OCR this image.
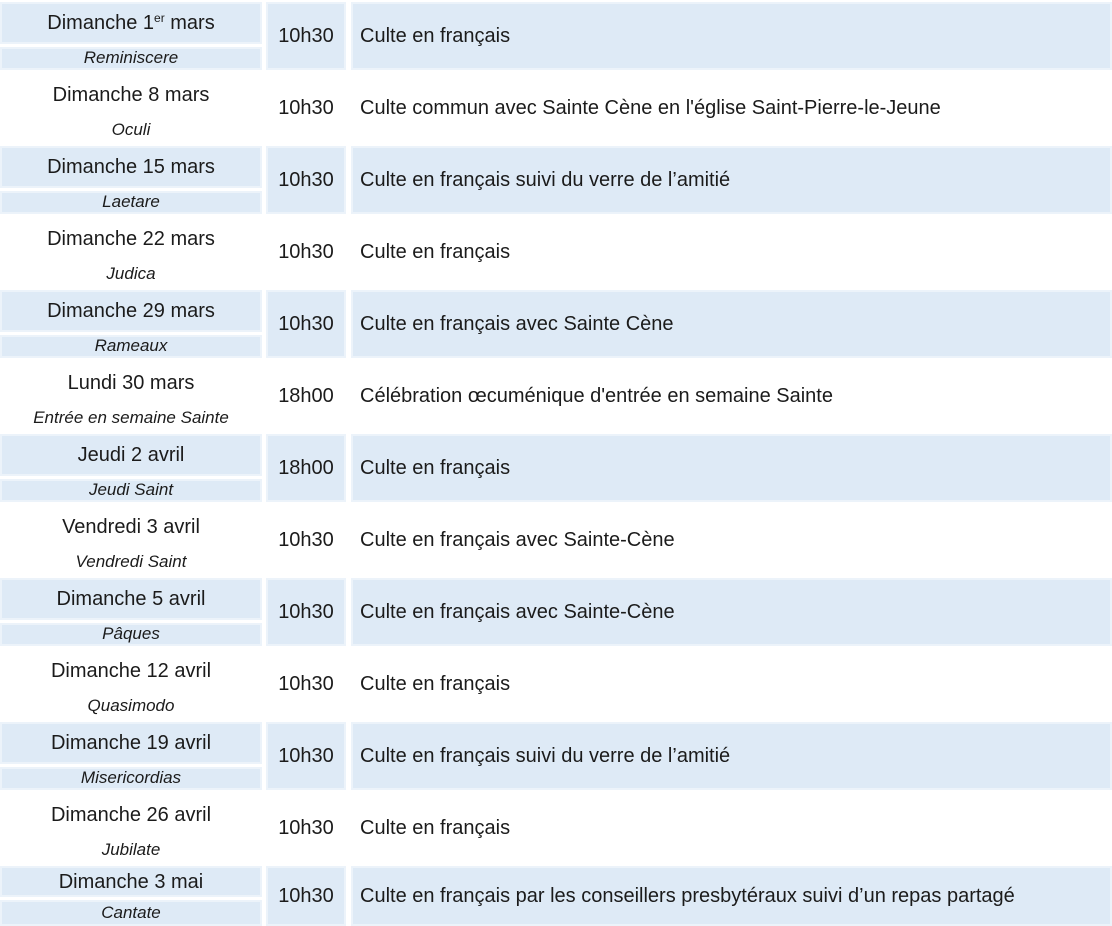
Dimanche 1er mars
Reminiscere
10h30 Culte en français
Dimanche 8 mars
Oculi
10h30 Culte commun avec Sainte Cène en l'église Saint-Pierre-le-Jeune
Dimanche 15 mars
Laetare
10h30 Culte en français suivi du verre de l’amitié
Dimanche 22 mars
Judica
10h30 Culte en français
Dimanche 29 mars
Rameaux
10h30 Culte en français avec Sainte Cène
Lundi 30 mars
Entrée en semaine Sainte
18h00 Célébration œcuménique d'entrée en semaine Sainte
Jeudi 2 avril
Jeudi Saint
18h00 Culte en français
Vendredi 3 avril
Vendredi Saint
10h30 Culte en français avec Sainte-Cène
Dimanche 5 avril
Pâques
10h30 Culte en français avec Sainte-Cène
Dimanche 12 avril
Quasimodo
10h30 Culte en français
Dimanche 19 avril
Misericordias
10h30 Culte en français suivi du verre de l’amitié
Dimanche 26 avril
Jubilate
10h30 Culte en français
Dimanche 3 mai
Cantate
10h30 Culte en français par les conseillers presbytéraux suivi d’un repas partagé
